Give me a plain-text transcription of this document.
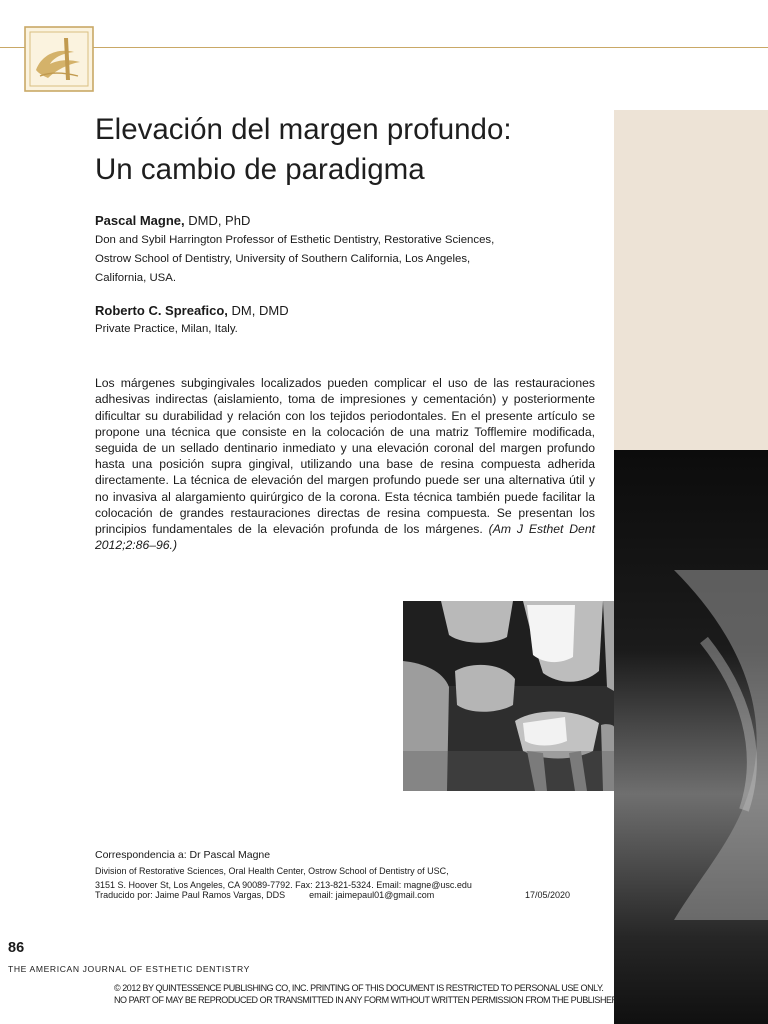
Elevación del margen profundo:
Un cambio de paradigma
Pascal Magne, DMD, PhD
Don and Sybil Harrington Professor of Esthetic Dentistry, Restorative Sciences,
Ostrow School of Dentistry, University of Southern California, Los Angeles,
California, USA.
Roberto C. Spreafico, DM, DMD
Private Practice, Milan, Italy.

Los márgenes subgingivales localizados pueden complicar el uso de las restauraciones adhesivas indirectas (aislamiento, toma de impresiones y cementación) y posteriormente dificultar su durabilidad y relación con los tejidos periodontales. En el presente artículo se propone una técnica que consiste en la colocación de una matriz Tofflemire modificada, seguida de un sellado dentinario inmediato y una elevación coronal del margen profundo hasta una posición supra gingival, utilizando una base de resina compuesta adherida directamente. La técnica de elevación del margen profundo puede ser una alternativa útil y no invasiva al alargamiento quirúrgico de la corona. Esta técnica también puede facilitar la colocación de grandes restauraciones directas de resina compuesta. Se presentan los principios fundamentales de la elevación profunda de los márgenes. (Am J Esthet Dent 2012;2:86–96.)

Correspondencia a: Dr Pascal Magne
Division of Restorative Sciences, Oral Health Center, Ostrow School of Dentistry of USC,
3151 S. Hoover St, Los Angeles, CA 90089-7792. Fax: 213-821-5324. Email: magne@usc.edu
Traducido por: Jaime Paul Ramos Vargas, DDS	email: jaimepaul01@gmail.com	17/05/2020
86
THE AMERICAN JOURNAL OF ESTHETIC DENTISTRY
© 2012 BY QUINTESSENCE PUBLISHING CO, INC. PRINTING OF THIS DOCUMENT IS RESTRICTED TO PERSONAL USE ONLY.
NO PART OF MAY BE REPRODUCED OR TRANSMITTED IN ANY FORM WITHOUT WRITTEN PERMISSION FROM THE PUBLISHER.
